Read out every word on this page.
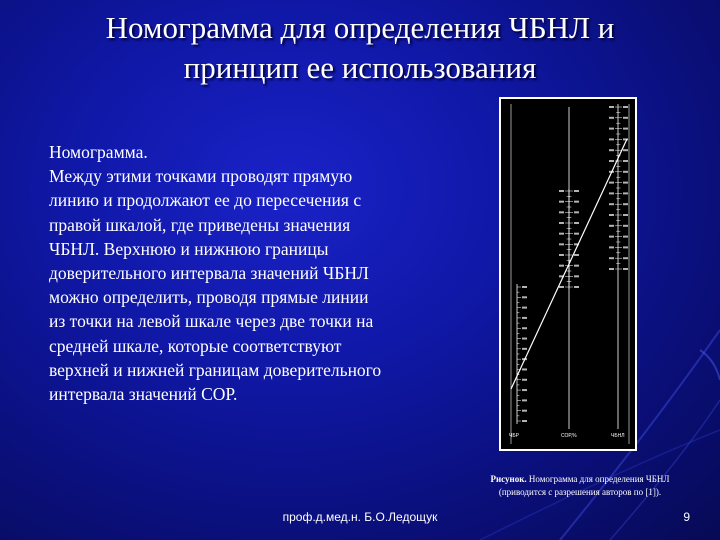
Номограмма для определения ЧБНЛ и
принцип ее использования
Номограмма.
Между этими точками проводят прямую
линию и продолжают ее до пересечения с
правой шкалой, где приведены значения
ЧБНЛ. Верхнюю и нижнюю границы
доверительного интервала значений ЧБНЛ
можно определить, проводя прямые линии
из точки на левой шкале через две точки на
средней шкале, которые соответствуют
верхней и нижней границам доверительного
интервала значений СОР.
ЧБР	СОР,%	ЧБНЛ
Рисунок. Номограмма для определения ЧБНЛ
(приводится с разрешения авторов по [1]).
проф.д.мед.н. Б.О.Ледощук	9
